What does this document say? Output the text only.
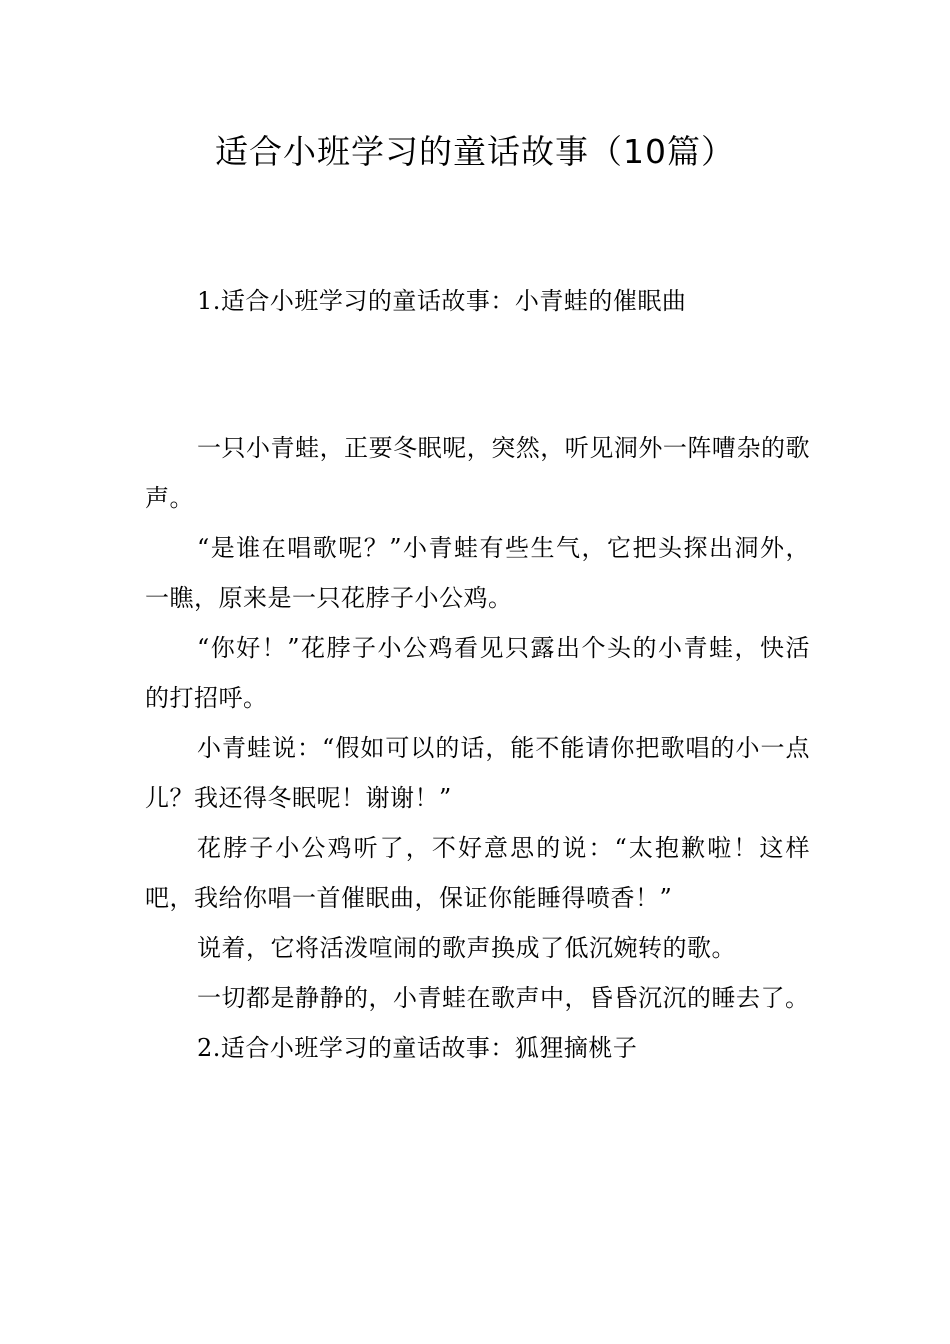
适合小班学习的童话故事（10篇）

1.适合小班学习的童话故事：小青蛙的催眠曲

一只小青蛙，正要冬眠呢，突然，听见洞外一阵嘈杂的歌声。

“是谁在唱歌呢？”小青蛙有些生气，它把头探出洞外，一瞧，原来是一只花脖子小公鸡。

“你好！”花脖子小公鸡看见只露出个头的小青蛙，快活的打招呼。

小青蛙说：“假如可以的话，能不能请你把歌唱的小一点儿？我还得冬眠呢！谢谢！”

花脖子小公鸡听了，不好意思的说：“太抱歉啦！这样吧，我给你唱一首催眠曲，保证你能睡得喷香！”

说着，它将活泼喧闹的歌声换成了低沉婉转的歌。

一切都是静静的，小青蛙在歌声中，昏昏沉沉的睡去了。

2.适合小班学习的童话故事：狐狸摘桃子
